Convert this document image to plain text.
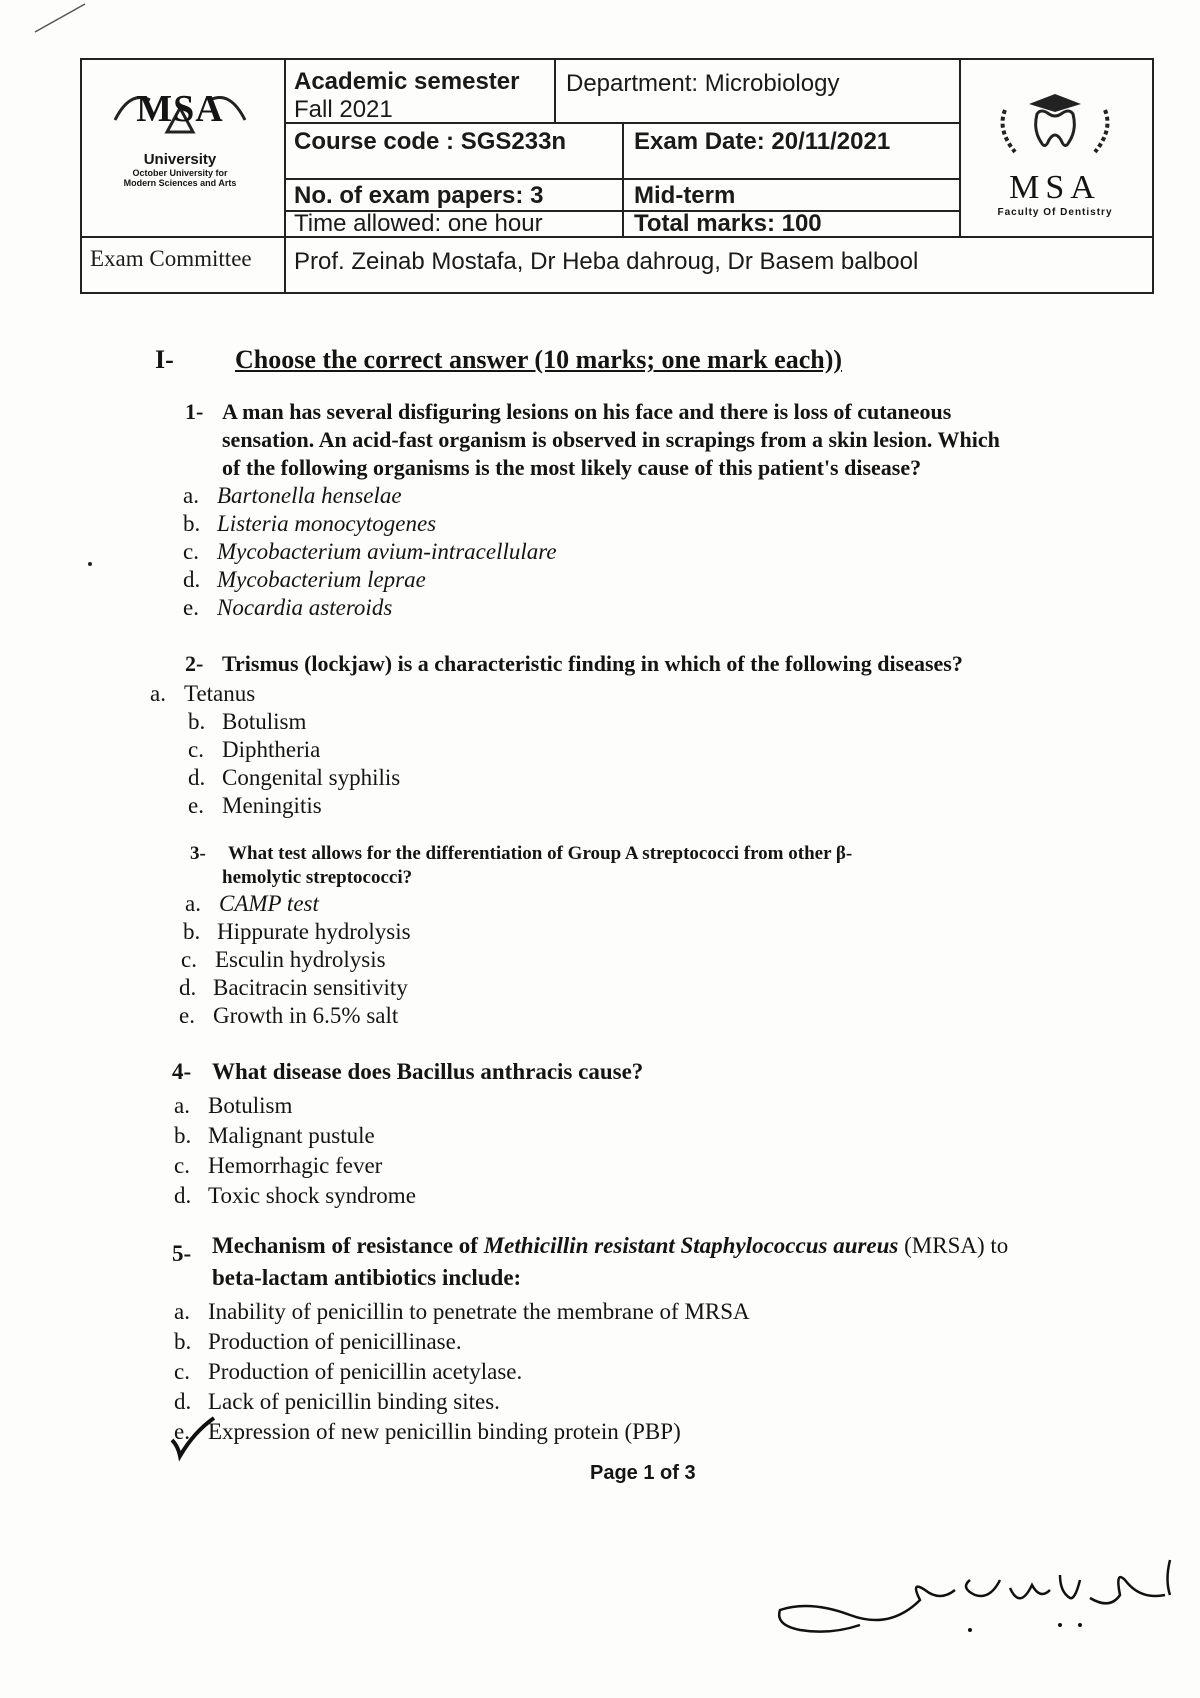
MSA
University
October University for
Modern Sciences and Arts	MSA
Faculty Of Dentistry
Academic semester
Fall 2021
Department: Microbiology
Course code : SGS233n	Exam Date: 20/11/2021
No. of exam papers: 3	Mid-term
Time allowed: one hour	Total marks: 100
Exam Committee Prof. Zeinab Mostafa, Dr Heba dahroug, Dr Basem balbool
I- Choose the correct answer (10 marks; one mark each))
1- A man has several disfiguring lesions on his face and there is loss of cutaneous
sensation. An acid-fast organism is observed in scrapings from a skin lesion. Which
of the following organisms is the most likely cause of this patient's disease?
a. Bartonella henselae
b. Listeria monocytogenes
c. Mycobacterium avium-intracellulare
d. Mycobacterium leprae
e. Nocardia asteroids
2- Trismus (lockjaw) is a characteristic finding in which of the following diseases?
a. Tetanus
b. Botulism
c. Diphtheria
d. Congenital syphilis
e. Meningitis
3- What test allows for the differentiation of Group A streptococci from other β-
hemolytic streptococci?
a. CAMP test
b. Hippurate hydrolysis
c. Esculin hydrolysis
d. Bacitracin sensitivity
e. Growth in 6.5% salt
4- What disease does Bacillus anthracis cause?
a. Botulism
b. Malignant pustule
c. Hemorrhagic fever
d. Toxic shock syndrome
5- Mechanism of resistance of Methicillin resistant Staphylococcus aureus (MRSA) to
beta-lactam antibiotics include:
a. Inability of penicillin to penetrate the membrane of MRSA
b. Production of penicillinase.
c. Production of penicillin acetylase.
d. Lack of penicillin binding sites.
e. Expression of new penicillin binding protein (PBP)
Page 1 of 3
